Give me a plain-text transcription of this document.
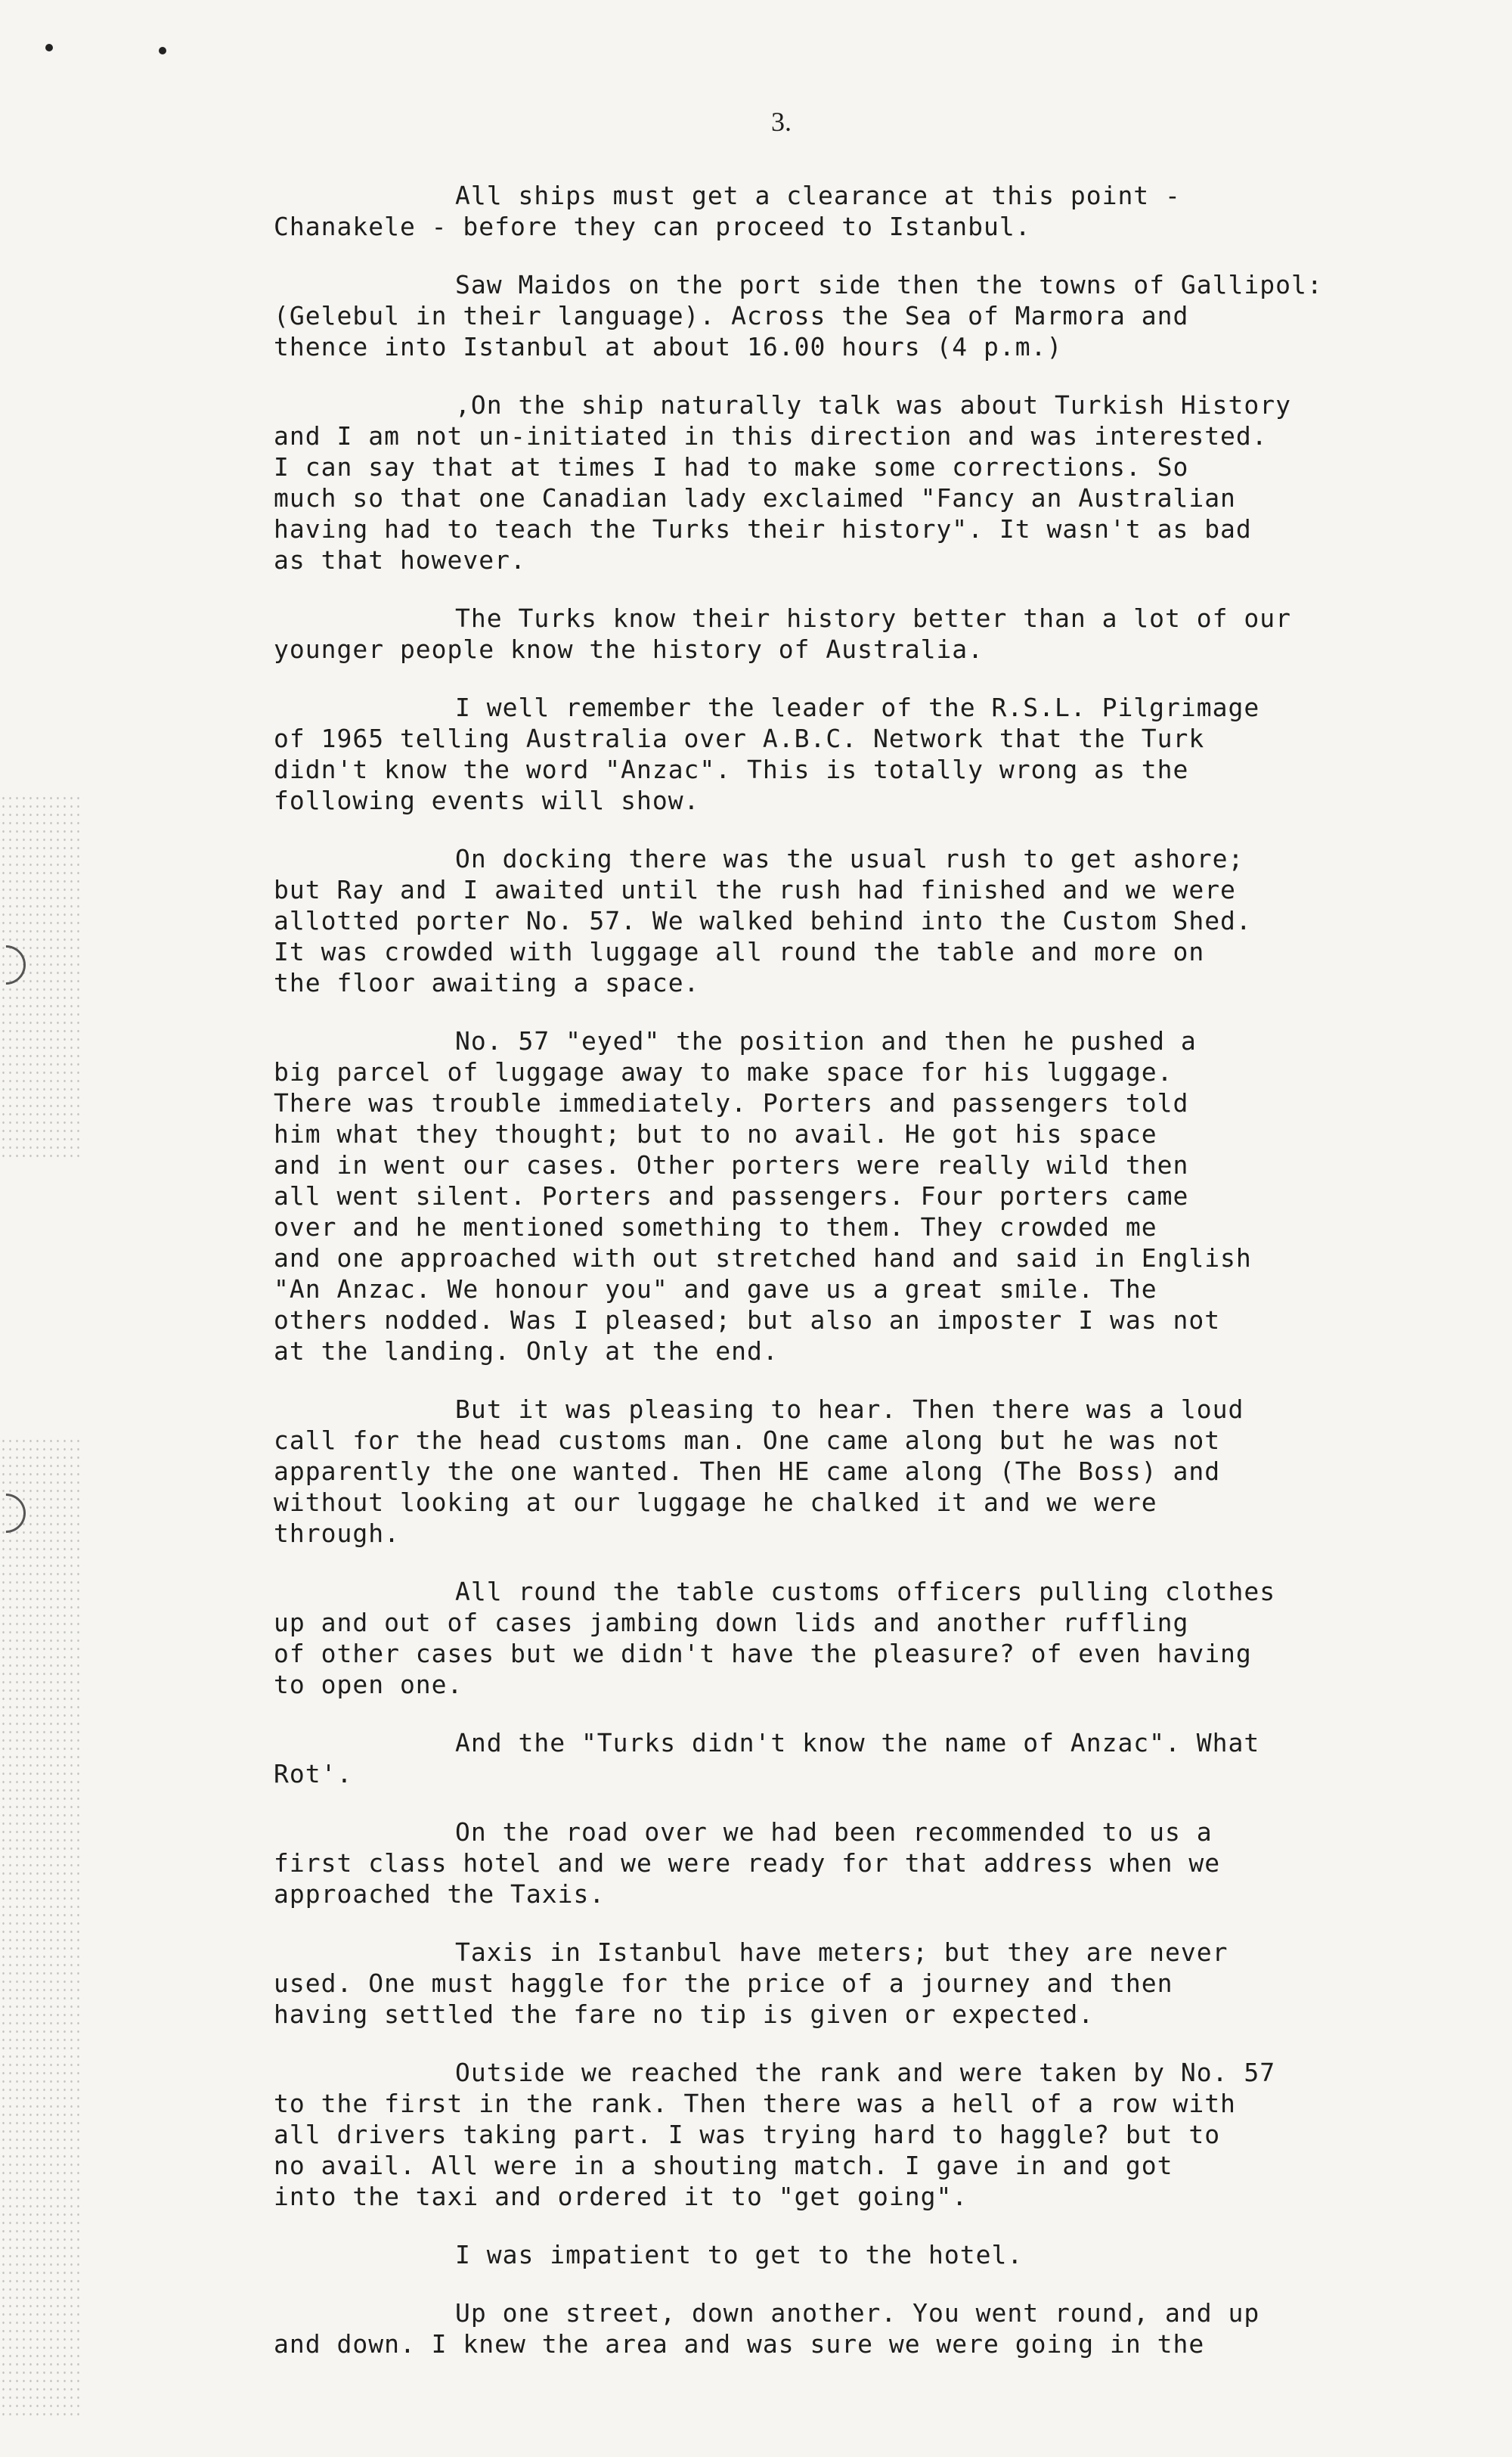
3.
All ships must get a clearance at this point -
Chanakele - before they can proceed to Istanbul.
Saw Maidos on the port side then the towns of Gallipol:
(Gelebul in their language). Across the Sea of Marmora and
thence into Istanbul at about 16.00 hours (4 p.m.)
,On the ship naturally talk was about Turkish History
and I am not un-initiated in this direction and was interested.
I can say that at times I had to make some corrections. So
much so that one Canadian lady exclaimed "Fancy an Australian
having had to teach the Turks their history". It wasn't as bad
as that however.
The Turks know their history better than a lot of our
younger people know the history of Australia.
I well remember the leader of the R.S.L. Pilgrimage
of 1965 telling Australia over A.B.C. Network that the Turk
didn't know the word "Anzac". This is totally wrong as the
following events will show.
On docking there was the usual rush to get ashore;
but Ray and I awaited until the rush had finished and we were
allotted porter No. 57. We walked behind into the Custom Shed.
It was crowded with luggage all round the table and more on
the floor awaiting a space.
No. 57 "eyed" the position and then he pushed a
big parcel of luggage away to make space for his luggage.
There was trouble immediately. Porters and passengers told
him what they thought; but to no avail. He got his space
and in went our cases. Other porters were really wild then
all went silent. Porters and passengers. Four porters came
over and he mentioned something to them. They crowded me
and one approached with out stretched hand and said in English
"An Anzac. We honour you" and gave us a great smile. The
others nodded. Was I pleased; but also an imposter I was not
at the landing. Only at the end.
But it was pleasing to hear. Then there was a loud
call for the head customs man. One came along but he was not
apparently the one wanted. Then HE came along (The Boss) and
without looking at our luggage he chalked it and we were
through.
All round the table customs officers pulling clothes
up and out of cases jambing down lids and another ruffling
of other cases but we didn't have the pleasure? of even having
to open one.
And the "Turks didn't know the name of Anzac". What
Rot'.
On the road over we had been recommended to us a
first class hotel and we were ready for that address when we
approached the Taxis.
Taxis in Istanbul have meters; but they are never
used. One must haggle for the price of a journey and then
having settled the fare no tip is given or expected.
Outside we reached the rank and were taken by No. 57
to the first in the rank. Then there was a hell of a row with
all drivers taking part. I was trying hard to haggle? but to
no avail. All were in a shouting match. I gave in and got
into the taxi and ordered it to "get going".
I was impatient to get to the hotel.
Up one street, down another. You went round, and up
and down. I knew the area and was sure we were going in the
